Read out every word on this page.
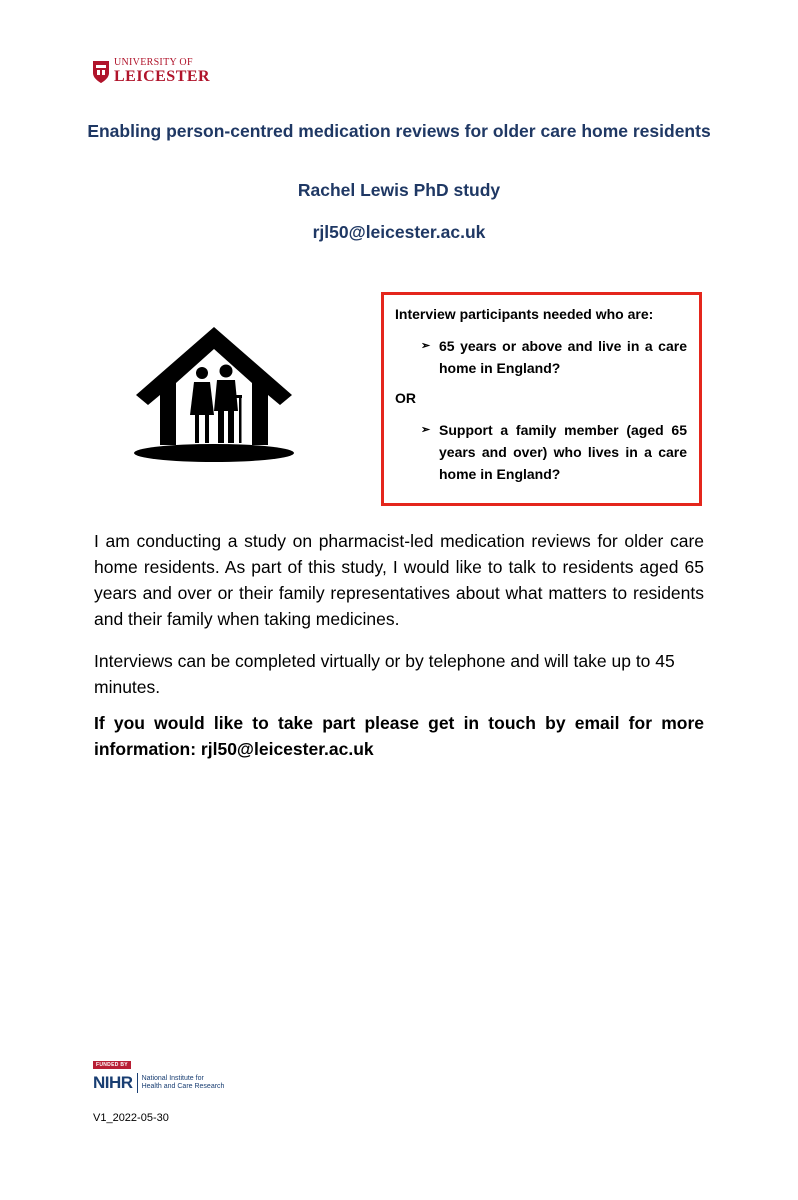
UNIVERSITY OF
LEICESTER
Enabling person-centred medication reviews for older care home residents
Rachel Lewis PhD study
rjl50@leicester.ac.uk
Interview participants needed who are:
➢ 65 years or above and live in a care home in England?
OR
➢ Support a family member (aged 65 years and over) who lives in a care home in England?
I am conducting a study on pharmacist-led medication reviews for older care home residents. As part of this study, I would like to talk to residents aged 65 years and over or their family representatives about what matters to residents and their family when taking medicines.
Interviews can be completed virtually or by telephone and will take up to 45 minutes.
If you would like to take part please get in touch by email for more information: rjl50@leicester.ac.uk
FUNDED BY
NIHR National Institute for
Health and Care Research
V1_2022-05-30
